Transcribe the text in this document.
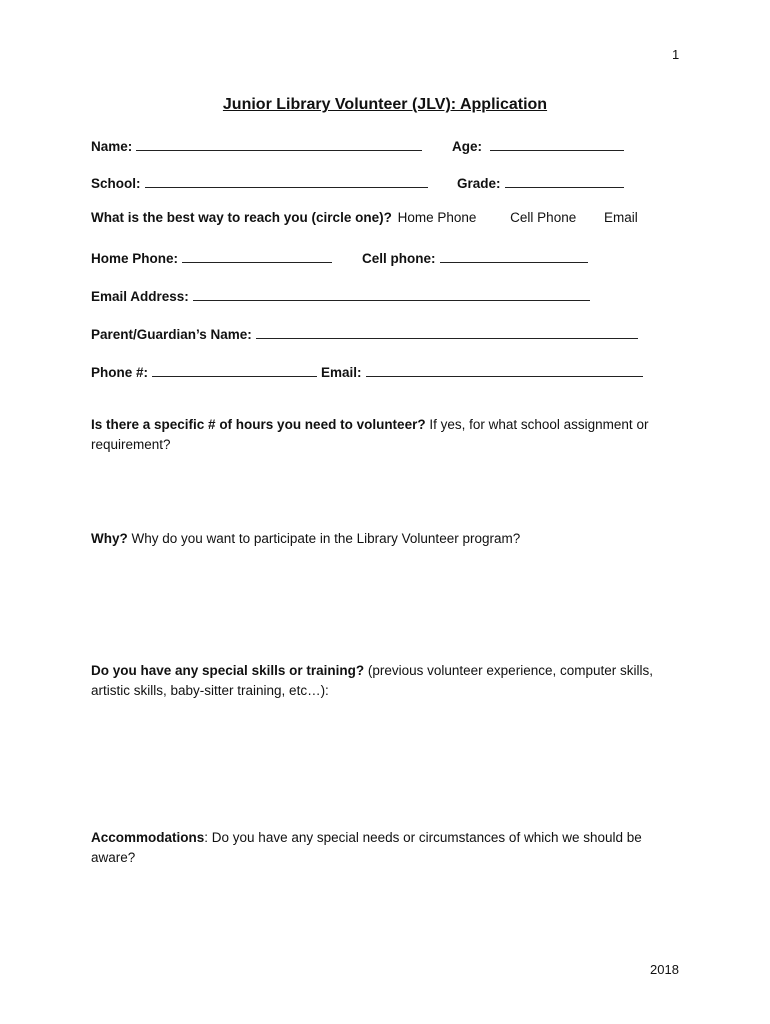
1
Junior Library Volunteer (JLV): Application
Name:	Age:
School:	Grade:
What is the best way to reach you (circle one)? Home Phone	Cell Phone Email
Home Phone:	Cell phone:
Email Address:
Parent/Guardian’s Name:
Phone #:	Email:
Is there a specific # of hours you need to volunteer? If yes, for what school assignment or requirement?
Why? Why do you want to participate in the Library Volunteer program?
Do you have any special skills or training? (previous volunteer experience, computer skills, artistic skills, baby-sitter training, etc…):
Accommodations: Do you have any special needs or circumstances of which we should be aware?
2018
